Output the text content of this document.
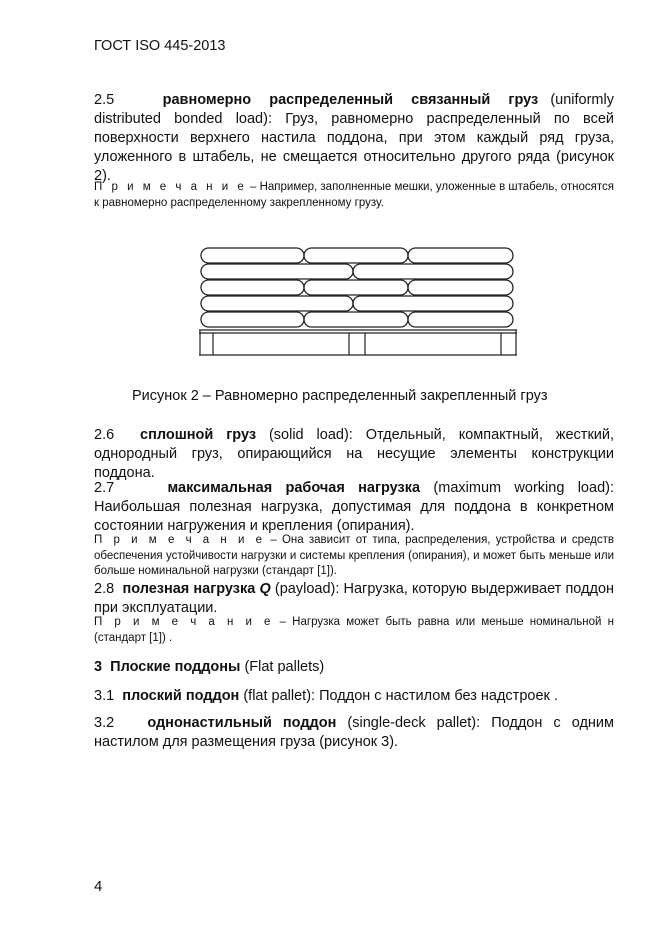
ГОСТ ISO 445-2013
2.5	равномерно распределенный связанный груз (uniformly distributed bonded load): Груз, равномерно распределенный по всей поверхности верхнего настила поддона, при этом каждый ряд груза, уложенного в штабель, не смещается относительно другого ряда (рисунок 2).
П р и м е ч а н и е – Например, заполненные мешки, уложенные в штабель, относятся к равномерно распределенному закрепленному грузу.
Рисунок 2 – Равномерно распределенный закрепленный груз
2.6 сплошной груз (solid load): Отдельный, компактный, жесткий, однородный груз, опирающийся на несущие элементы конструкции поддона.
2.7	максимальная рабочая нагрузка (maximum working load): Наибольшая полезная нагрузка, допустимая для поддона в конкретном состоянии нагружения и крепления (опирания).
П р и м е ч а н и е – Она зависит от типа, распределения, устройства и средств обеспечения устойчивости нагрузки и системы крепления (опирания), и может быть меньше или больше номинальной нагрузки (стандарт [1]).
2.8 полезная нагрузка Q (payload): Нагрузка, которую выдерживает поддон при эксплуатации.
П р и м е ч а н и е – Нагрузка может быть равна или меньше номинальной н (стандарт [1]) .
3 Плоские поддоны (Flat pallets)
3.1 плоский поддон (flat pallet): Поддон с настилом без надстроек .
3.2 однонастильный поддон (single-deck pallet): Поддон с одним настилом для размещения груза (рисунок 3).
4
